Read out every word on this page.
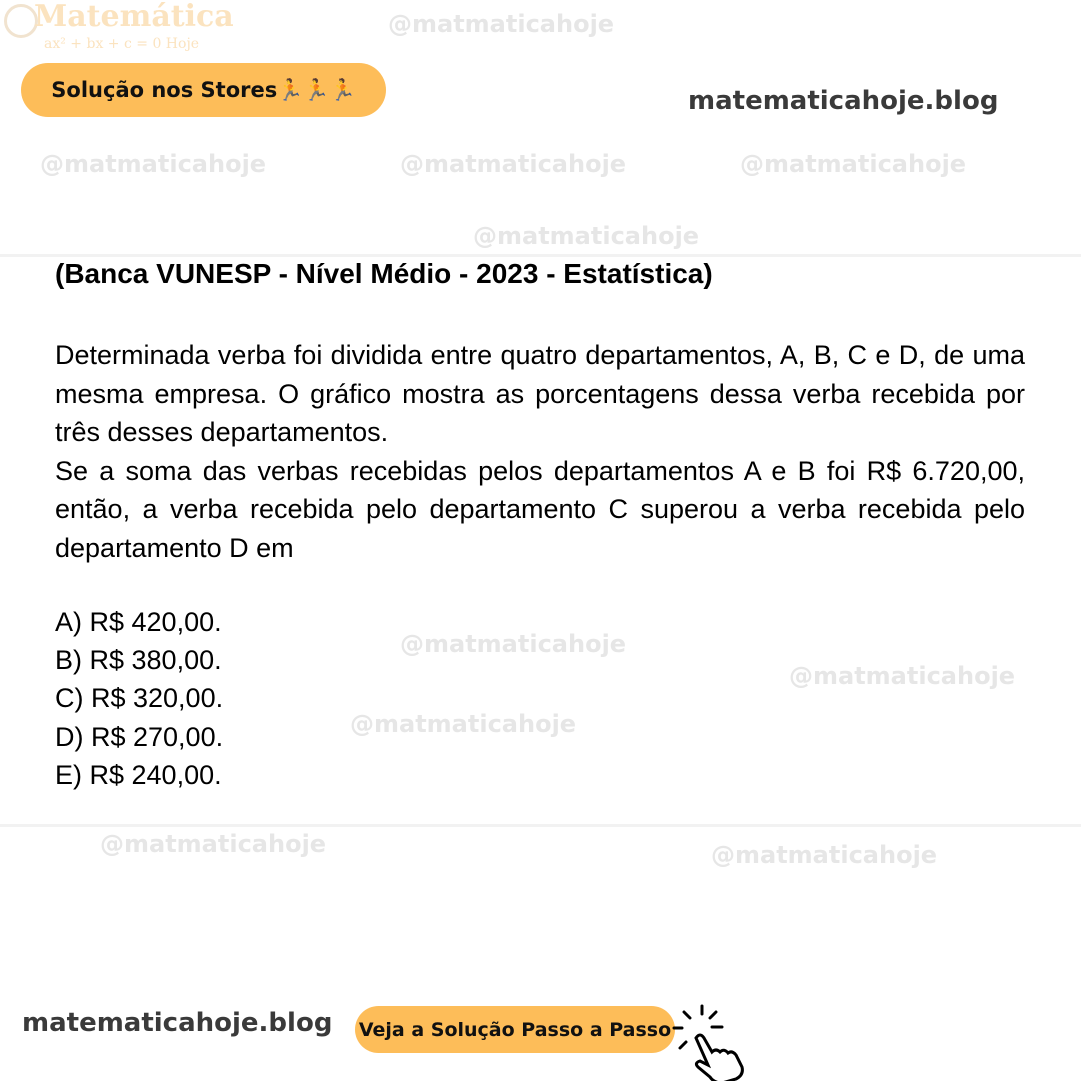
Matemática
ax² + bx + c = 0 Hoje
@matmaticahoje
@matmaticahoje
@matmaticahoje	@matmaticahoje
@matmaticahoje
@matmaticahoje
@matmaticahoje
@matmaticahoje
@matmaticahoje	@matmaticahoje
Solução nos Stores🏃🏃🏃	matematicahoje.blog
(Banca VUNESP - Nível Médio - 2023 - Estatística)

Determinada verba foi dividida entre quatro departamentos, A, B, C e D, de uma mesma empresa. O gráfico mostra as porcentagens dessa verba recebida por três desses departamentos.

Se a soma das verbas recebidas pelos departamentos A e B foi R$ 6.720,00, então, a verba recebida pelo departamento C superou a verba recebida pelo departamento D em

A) R$ 420,00.
B) R$ 380,00.
C) R$ 320,00.
D) R$ 270,00.
E) R$ 240,00.
matematicahoje.blog Veja a Solução Passo a Passo
